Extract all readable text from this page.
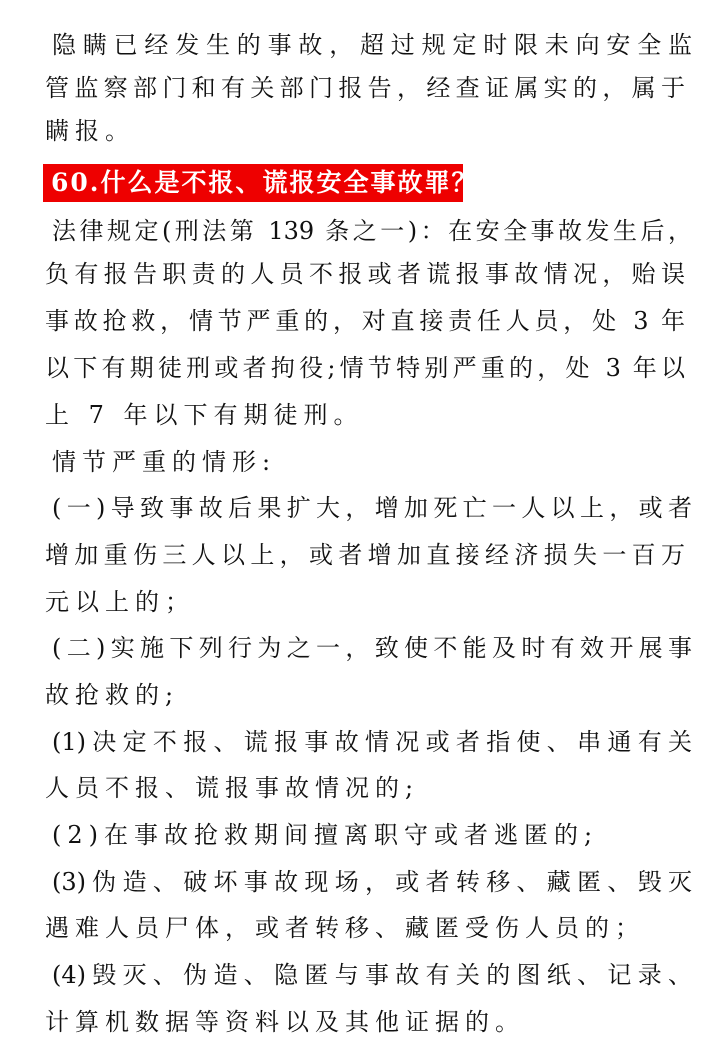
隐瞒已经发生的事故，超过规定时限未向安全监
管监察部门和有关部门报告，经查证属实的，属于
瞒报。
60.什么是不报、谎报安全事故罪？
法律规定(刑法第 139 条之一)：在安全事故发生后，
负有报告职责的人员不报或者谎报事故情况，贻误
事故抢救，情节严重的，对直接责任人员，处 3 年
以下有期徒刑或者拘役;情节特别严重的，处 3 年以
上 7 年以下有期徒刑。
情节严重的情形:
(一)导致事故后果扩大，增加死亡一人以上，或者
增加重伤三人以上，或者增加直接经济损失一百万
元以上的；
(二)实施下列行为之一，致使不能及时有效开展事
故抢救的;
(1)决定不报、谎报事故情况或者指使、串通有关
人员不报、谎报事故情况的;
(2)在事故抢救期间擅离职守或者逃匿的;
(3)伪造、破坏事故现场，或者转移、藏匿、毁灭
遇难人员尸体，或者转移、藏匿受伤人员的；
(4)毁灭、伪造、隐匿与事故有关的图纸、记录、
计算机数据等资料以及其他证据的。
